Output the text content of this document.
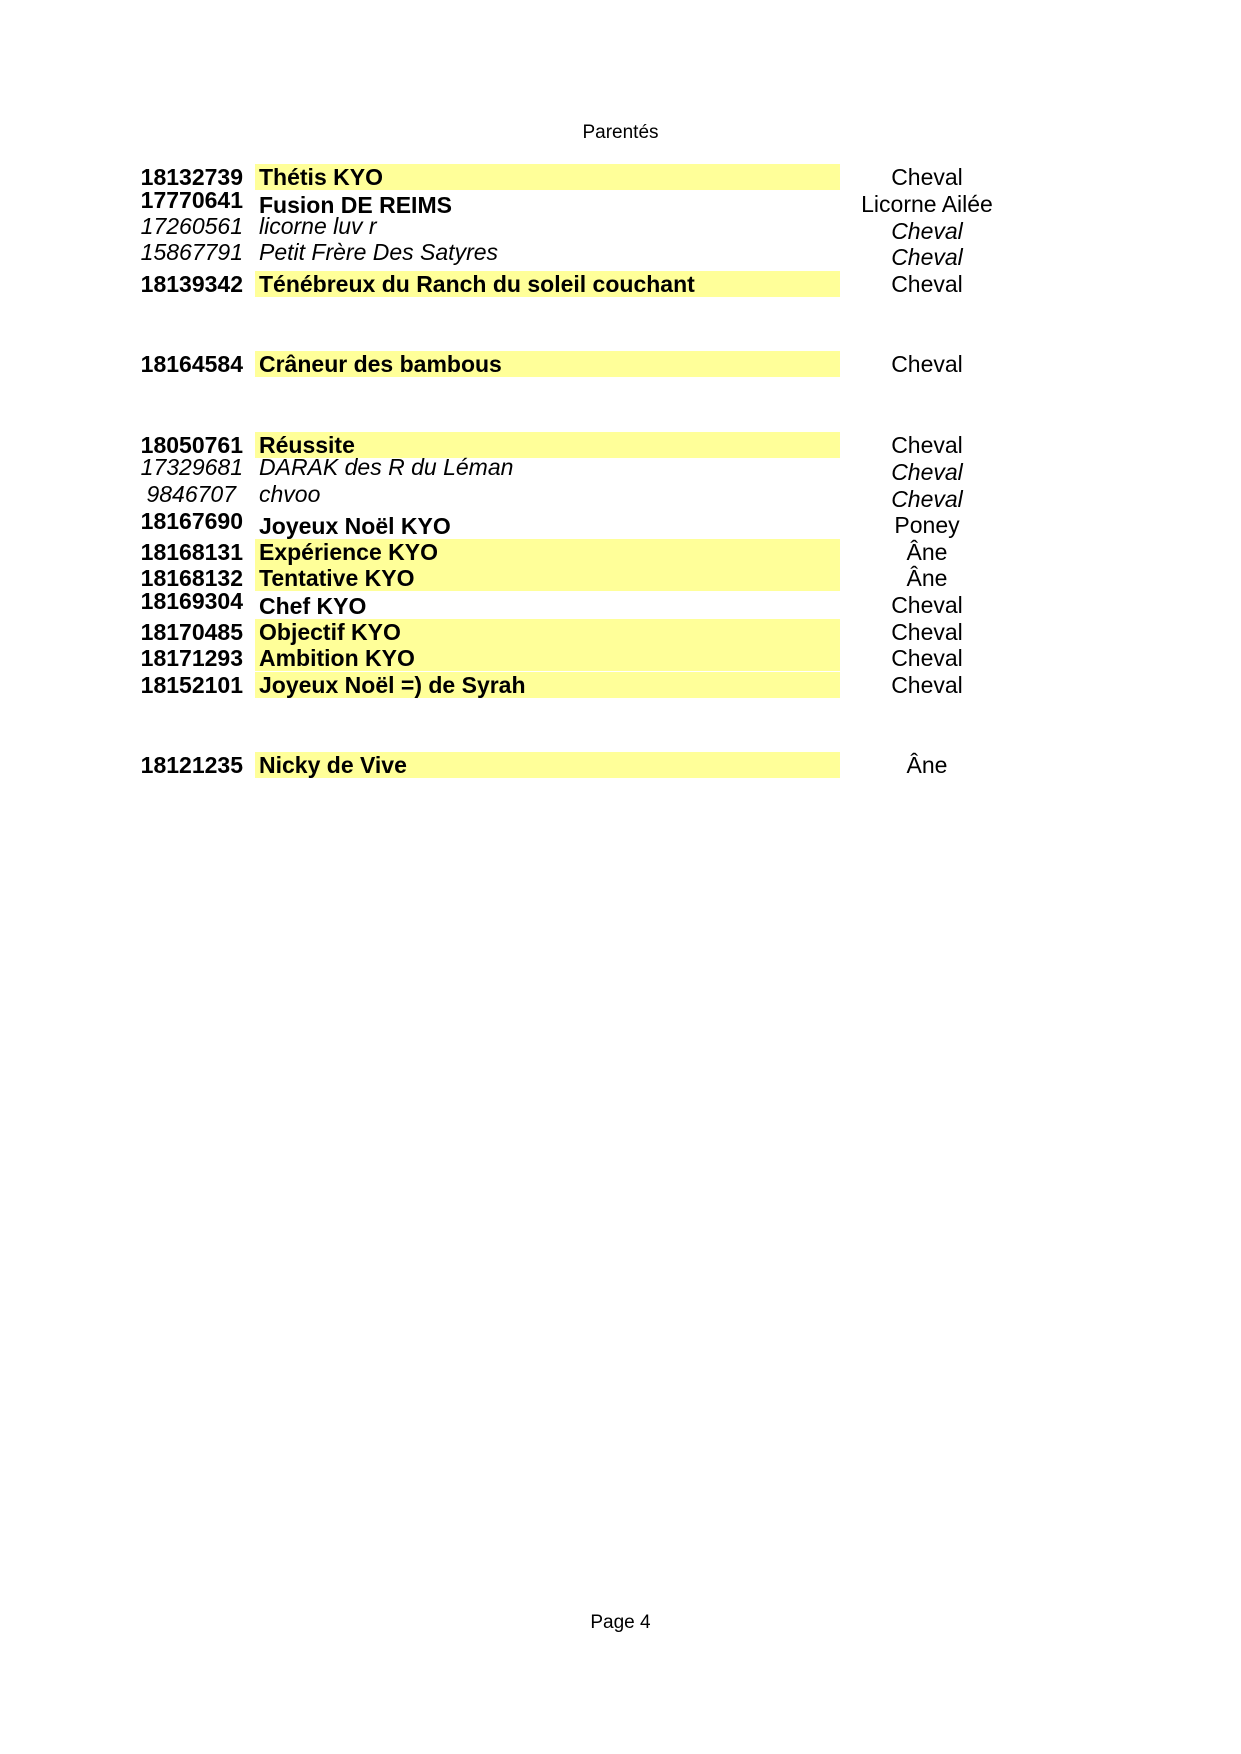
Parentés
18132739 Thétis KYO	Cheval
17770641 Fusion DE REIMS	Licorne Ailée
17260561 licorne luv r	Cheval
15867791 Petit Frère Des Satyres	Cheval
18139342 Ténébreux du Ranch du soleil couchant	Cheval
18164584 Crâneur des bambous	Cheval
18050761 Réussite	Cheval
17329681 DARAK des R du Léman	Cheval
9846707 chvoo	Cheval
18167690 Joyeux Noël KYO	Poney
18168131 Expérience KYO	Âne
18168132 Tentative KYO	Âne
18169304 Chef KYO	Cheval
18170485 Objectif KYO	Cheval
18171293 Ambition KYO	Cheval
18152101 Joyeux Noël =) de Syrah	Cheval
18121235 Nicky de Vive	Âne
Page 4
